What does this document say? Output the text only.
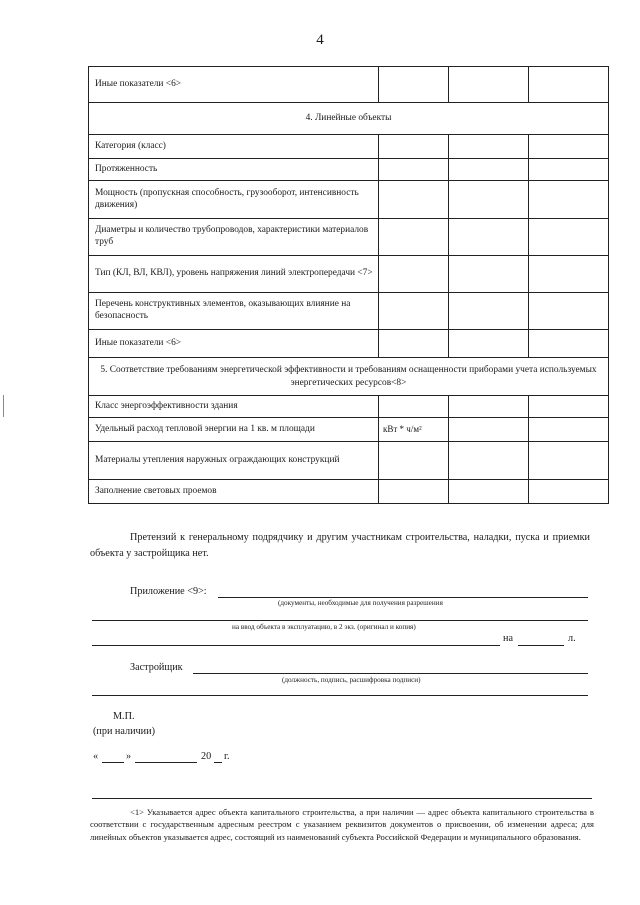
4
Иные показатели <6>			
4. Линейные объекты			
Категория (класс)			
Протяженность			
Мощность (пропускная способность, грузооборот, интенсивность движения)			
Диаметры и количество трубопроводов, характеристики материалов труб			
Тип (КЛ, ВЛ, КВЛ), уровень напряжения линий электропередачи <7>			
Перечень конструктивных элементов, оказывающих влияние на безопасность			
Иные показатели <6>			
5. Соответствие требованиям энергетической эффективности и требованиям оснащенности приборами учета используемых энергетических ресурсов<8>			
Класс энергоэффективности здания			
Удельный расход тепловой энергии на 1 кв. м площади	кВт * ч/м²		
Материалы утепления наружных ограждающих конструкций			
Заполнение световых проемов			
Претензий к генеральному подрядчику и другим участникам строительства, наладки, пуска и приемки объекта у застройщика нет.
Приложение <9>:
(документы, необходимые для получения разрешения
на ввод объекта в эксплуатацию, в 2 экз. (оригинал и копия)
на	л.
Застройщик
(должность, подпись, расшифровка подписи)
М.П.
(при наличии)
«	»	20 г.
<1> Указывается адрес объекта капитального строительства, а при наличии — адрес объекта капитального строительства в соответствии с государственным адресным реестром с указанием реквизитов документов о присвоении, об изменении адреса; для линейных объектов указывается адрес, состоящий из наименований субъекта Российской Федерации и муниципального образования.
